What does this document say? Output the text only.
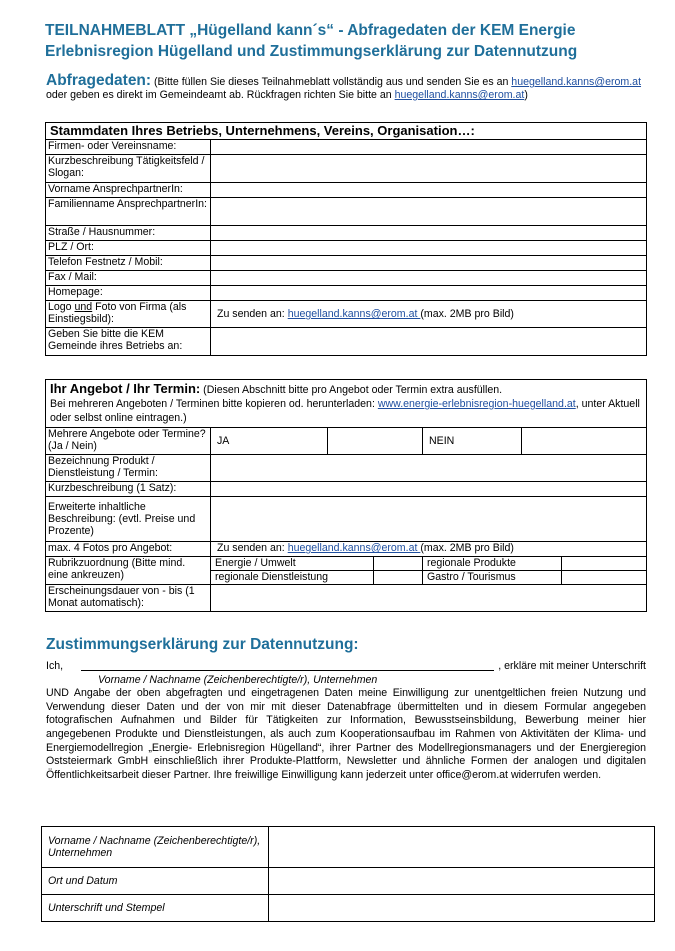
TEILNAHMEBLATT „Hügelland kann´s“ - Abfragedaten der KEM Energie
Erlebnisregion Hügelland und Zustimmungserklärung zur Datennutzung
Abfragedaten: (Bitte füllen Sie dieses Teilnahmeblatt vollständig aus und senden Sie es an huegelland.kanns@erom.at oder geben es direkt im Gemeindeamt ab. Rückfragen richten Sie bitte an huegelland.kanns@erom.at)
Stammdaten Ihres Betriebs, Unternehmens, Vereins, Organisation…:	
Firmen- oder Vereinsname:	
Kurzbeschreibung Tätigkeitsfeld / Slogan:	
Vorname AnsprechpartnerIn:	
Familienname AnsprechpartnerIn:	
Straße / Hausnummer:	
PLZ / Ort:	
Telefon Festnetz / Mobil:	
Fax / Mail:	
Homepage:	
Logo und Foto von Firma (als Einstiegsbild):	Zu senden an: huegelland.kanns@erom.at (max. 2MB pro Bild)
Geben Sie bitte die KEM Gemeinde ihres Betriebs an:	
Ihr Angebot / Ihr Termin: (Diesen Abschnitt bitte pro Angebot oder Termin extra ausfüllen.
Bei mehreren Angeboten / Terminen bitte kopieren od. herunterladen: www.energie-erlebnisregion-huegelland.at, unter Aktuell oder selbst online eintragen.)				
Mehrere Angebote oder Termine? (Ja / Nein)	JA		NEIN	
Bezeichnung Produkt / Dienstleistung / Termin:				
Kurzbeschreibung (1 Satz):				
Erweiterte inhaltliche Beschreibung: (evtl. Preise und Prozente)				
max. 4 Fotos pro Angebot:	Zu senden an: huegelland.kanns@erom.at (max. 2MB pro Bild)			
Rubrikzuordnung (Bitte mind. eine ankreuzen)	Energie / Umwelt		regionale Produkte	

	regionale Dienstleistung		Gastro / Tourismus	

Erscheinungsdauer von - bis (1 Monat automatisch):				
Zustimmungserklärung zur Datennutzung:
Ich,	, erkläre mit meiner Unterschrift
Vorname / Nachname (Zeichenberechtigte/r), Unternehmen
UND Angabe der oben abgefragten und eingetragenen Daten meine Einwilligung zur unentgeltlichen freien Nutzung und Verwendung dieser Daten und der von mir mit dieser Datenabfrage übermittelten und in diesem Formular angegeben fotografischen Aufnahmen und Bilder für Tätigkeiten zur Information, Bewusstseinsbildung, Bewerbung meiner hier angegebenen Produkte und Dienstleistungen, als auch zum Kooperationsaufbau im Rahmen von Aktivitäten der Klima- und Energiemodellregion „Energie- Erlebnisregion Hügelland“, ihrer Partner des Modellregionsmanagers und der Energieregion Oststeiermark GmbH einschließlich ihrer Produkte-Plattform, Newsletter und ähnliche Formen der analogen und digitalen Öffentlichkeitsarbeit dieser Partner. Ihre freiwillige Einwilligung kann jederzeit unter office@erom.at widerrufen werden.
Vorname / Nachname (Zeichenberechtigte/r), Unternehmen	
Ort und Datum	
Unterschrift und Stempel	
